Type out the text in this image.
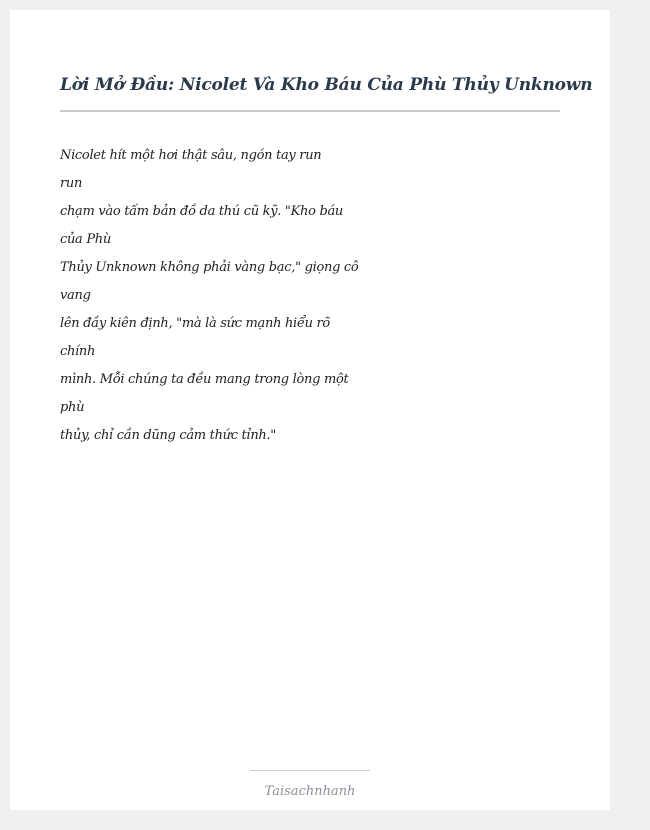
Lời Mở Đầu: Nicolet Và Kho Báu Của Phù Thủy Unknown
Nicolet hít một hơi thật sâu, ngón tay run
run
chạm vào tấm bản đồ da thú cũ kỹ. "Kho báu
của Phù
Thủy Unknown không phải vàng bạc," giọng cô
vang
lên đầy kiên định, "mà là sức mạnh hiểu rõ
chính
mình. Mỗi chúng ta đều mang trong lòng một
phù
thủy, chỉ cần dũng cảm thức tỉnh."
Taisachnhanh
